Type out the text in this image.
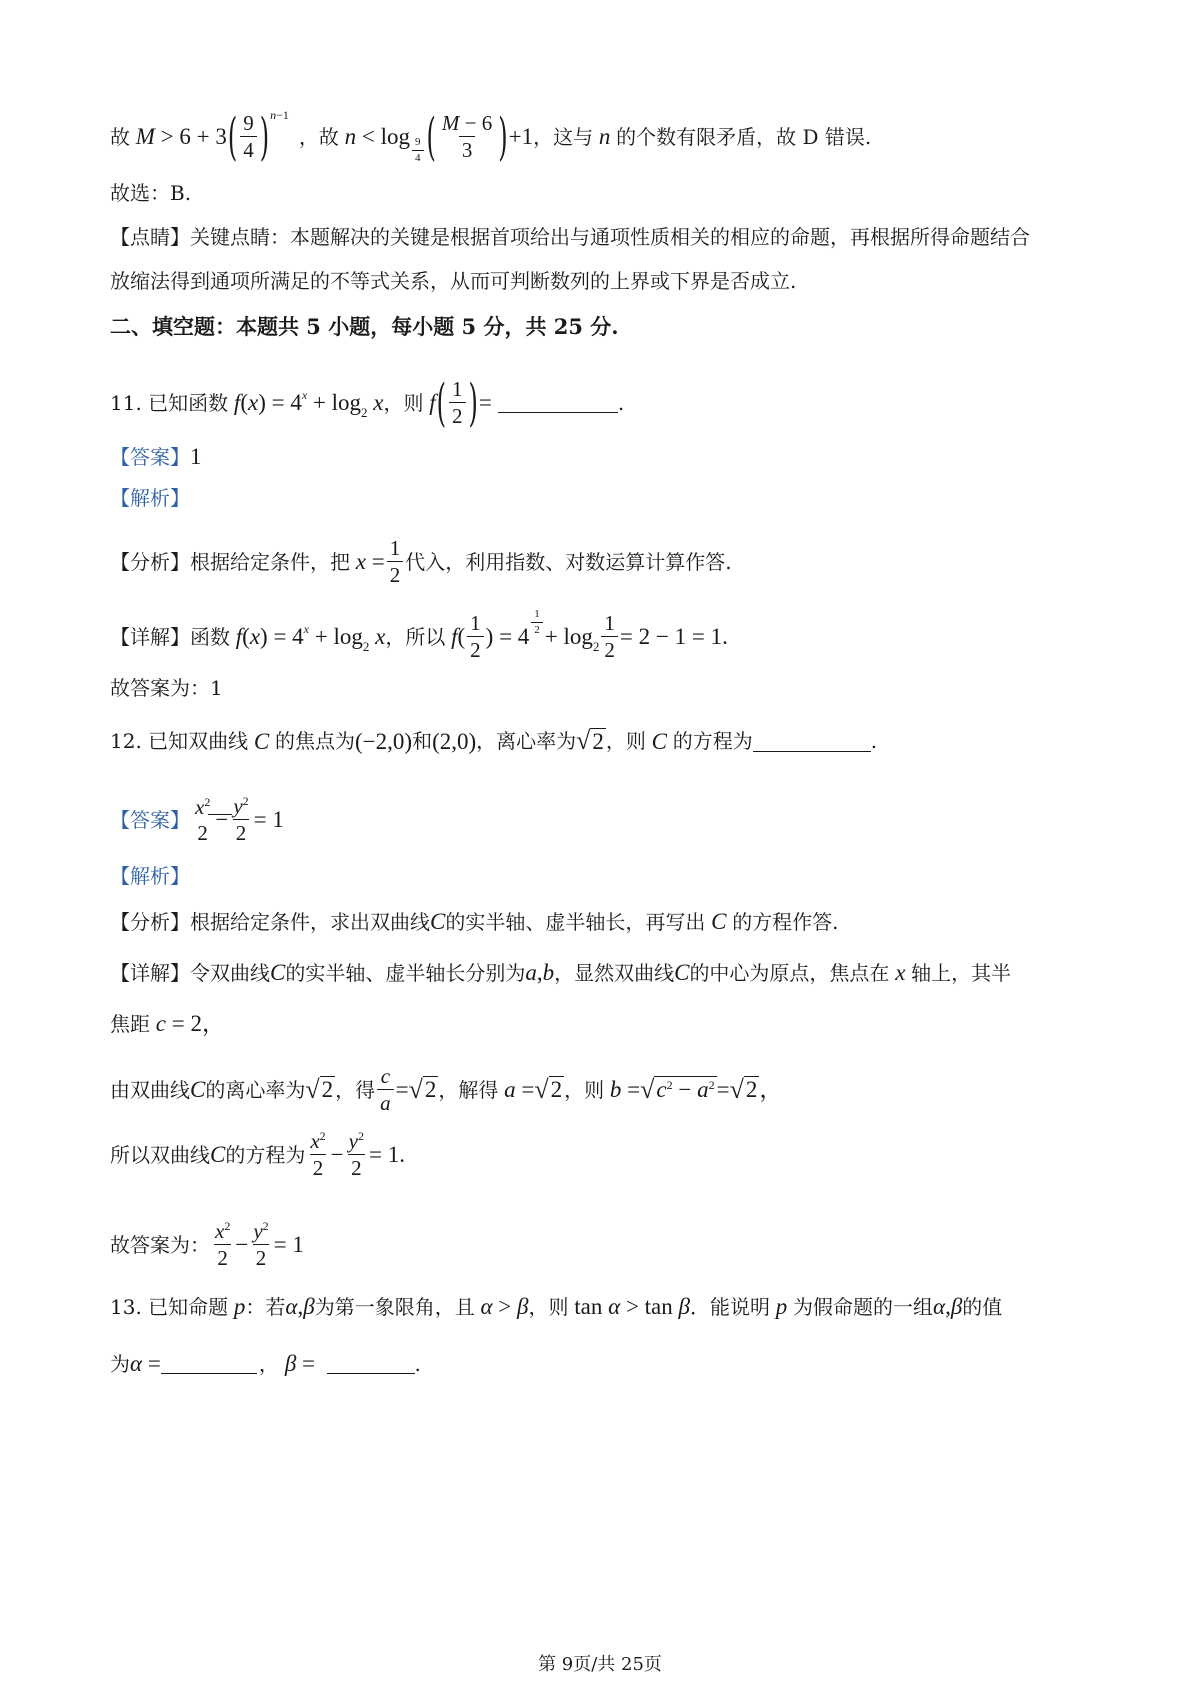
故 M > 6 + 3 ( $\frac{9}{4}$ ) n−1
，故 $n < \log \frac{9}{4}$ ( $\frac{M - 6}{3}$ ) +1 ，这与 n 的个数有限矛盾，故 D 错误.
故选：B.
【点睛】关键点睛：本题解决的关键是根据首项给出与通项性质相关的相应的命题，再根据所得命题结合
放缩法得到通项所满足的不等式关系，从而可判断数列的上界或下界是否成立.
二、填空题：本题共 5 小题，每小题 5 分，共 25 分.
11. 已知函数 $f(x) = 4^x + \log_2 x$ ，则 f ( $\frac{1}{2}$ ) =	.
【答案】 1
【解析】
【分析】 根据给定条件，把 $x = \frac{1}{2}$ 代入，利用指数、对数运算计算作答.
【详解】 函数 $f(x) = 4^x + \log_2 x$ ，所以 f ( $\frac{1}{2}$ ) = $4 \frac{1}{2} + \log_2 \frac{1}{2} = 2 - 1 = 1$.
故答案为：1
12. 已知双曲线 C 的焦点为 (−2,0) 和 (2,0) ，离心率为 √ 2 ，则 C 的方程为	.
【答案】
$x^2$
2
− $\frac{y^2}{2} = 1$
【解析】
【分析】 根据给定条件，求出双曲线 C 的实半轴、虚半轴长，再写出 C 的方程作答.
【详解】 令双曲线 C 的实半轴、虚半轴长分别为 a , b ，显然双曲线 C 的中心为原点，焦点在 x 轴上，其半
焦距 c = 2，
由双曲线 C 的离心率为 √ 2 ，得 $\frac{c}{a}$ = √ 2 ，解得 a = √ 2 ，则 b = √ $c^2 - a^2$ = √ 2 ，
所以双曲线 C 的方程为 $\frac{x^2}{2} - \frac{y^2}{2} = 1$.
故答案为： $\frac{x^2}{2} - \frac{y^2}{2} = 1$
13. 已知命题 p ：若 α , β 为第一象限角，且 α > β ，则 tan α > tan β ．能说明 p 为假命题的一组 α , β 的值
为 α =	， β =	.
第 9页/共 25页
